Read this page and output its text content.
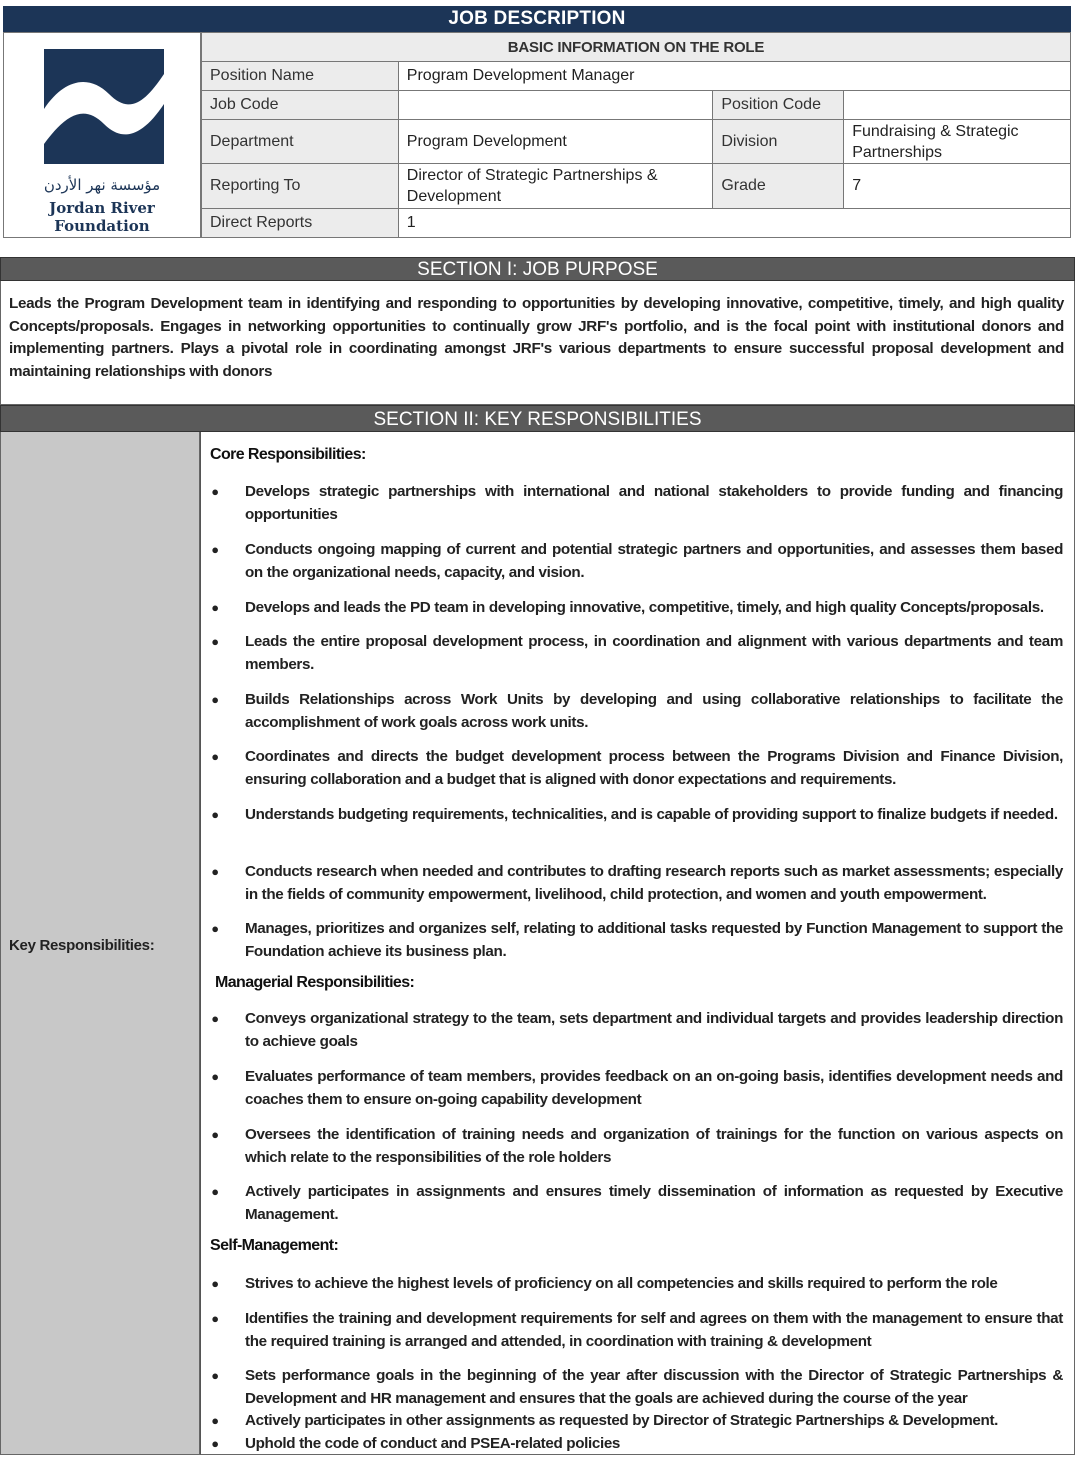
JOB DESCRIPTION
مؤسسة نهر الأردن
Jordan River Foundation
BASIC INFORMATION ON THE ROLE			
Position Name	Program Development Manager		
Job Code		Position Code	
Department	Program Development	Division	Fundraising & Strategic Partnerships
Reporting To	Director of Strategic Partnerships & Development	Grade	7
Direct Reports	1		
SECTION I: JOB PURPOSE
Leads the Program Development team in identifying and responding to opportunities by developing innovative, competitive, timely, and high quality Concepts/proposals. Engages in networking opportunities to continually grow JRF's portfolio, and is the focal point with institutional donors and implementing partners. Plays a pivotal role in coordinating amongst JRF's various departments to ensure successful proposal development and maintaining relationships with donors
SECTION II: KEY RESPONSIBILITIES
Key Responsibilities:
Core Responsibilities:
●	Develops strategic partnerships with international and national stakeholders to provide funding and financing opportunities
●	Conducts ongoing mapping of current and potential strategic partners and opportunities, and assesses them based on the organizational needs, capacity, and vision.
●	Develops and leads the PD team in developing innovative, competitive, timely, and high quality Concepts/proposals.
●	Leads the entire proposal development process, in coordination and alignment with various departments and team members.
●	Builds Relationships across Work Units by developing and using collaborative relationships to facilitate the accomplishment of work goals across work units.
●	Coordinates and directs the budget development process between the Programs Division and Finance Division, ensuring collaboration and a budget that is aligned with donor expectations and requirements.
●	Understands budgeting requirements, technicalities, and is capable of providing support to finalize budgets if needed.
●	Conducts research when needed and contributes to drafting research reports such as market assessments; especially in the fields of community empowerment, livelihood, child protection, and women and youth empowerment.
●	Manages, prioritizes and organizes self, relating to additional tasks requested by Function Management to support the Foundation achieve its business plan.
Managerial Responsibilities:
●	Conveys organizational strategy to the team, sets department and individual targets and provides leadership direction to achieve goals
●	Evaluates performance of team members, provides feedback on an on-going basis, identifies development needs and coaches them to ensure on-going capability development
●	Oversees the identification of training needs and organization of trainings for the function on various aspects on which relate to the responsibilities of the role holders
●	Actively participates in assignments and ensures timely dissemination of information as requested by Executive Management.
Self-Management:
●	Strives to achieve the highest levels of proficiency on all competencies and skills required to perform the role
●	Identifies the training and development requirements for self and agrees on them with the management to ensure that the required training is arranged and attended, in coordination with training & development
●	Sets performance goals in the beginning of the year after discussion with the Director of Strategic Partnerships & Development and HR management and ensures that the goals are achieved during the course of the year
●	Actively participates in other assignments as requested by Director of Strategic Partnerships & Development.
●	Uphold the code of conduct and PSEA-related policies
